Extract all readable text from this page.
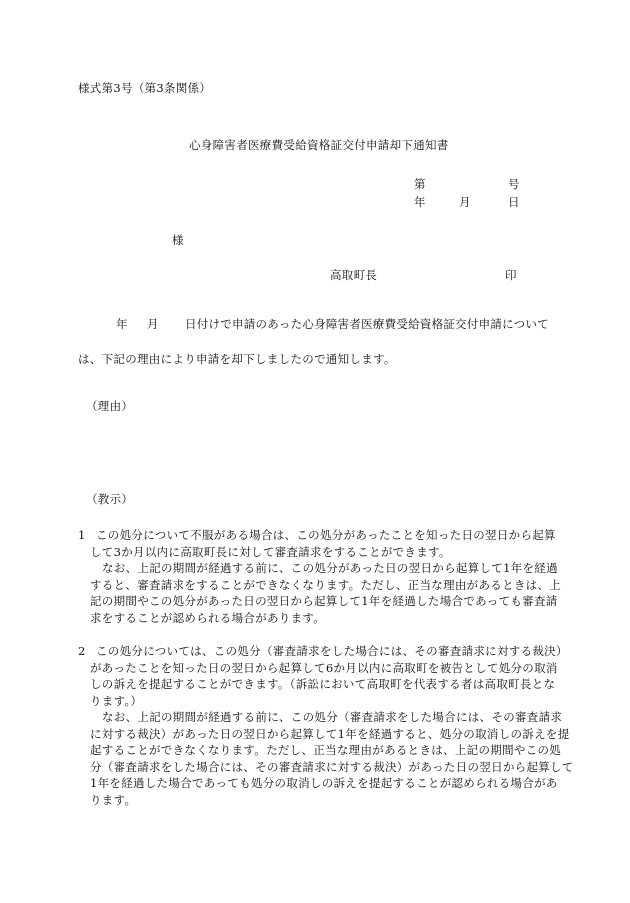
様式第3号（第3条関係）
心身障害者医療費受給資格証交付申請却下通知書
第	号
年	月	日
様
高取町長	印
年 月 日付けで申請のあった心身障害者医療費受給資格証交付申請について
は、下記の理由により申請を却下しましたので通知します。
（理由）
（教示）
1 この処分について不服がある場合は、この処分があったことを知った日の翌日から起算
して3か月以内に高取町長に対して審査請求をすることができます。
なお、上記の期間が経過する前に、この処分があった日の翌日から起算して1年を経過
すると、審査請求をすることができなくなります。ただし、正当な理由があるときは、上
記の期間やこの処分があった日の翌日から起算して1年を経過した場合であっても審査請
求をすることが認められる場合があります。
2 この処分については、この処分（審査請求をした場合には、その審査請求に対する裁決）
があったことを知った日の翌日から起算して6か月以内に高取町を被告として処分の取消
しの訴えを提起することができます。（訴訟において高取町を代表する者は高取町長とな
ります。）
なお、上記の期間が経過する前に、この処分（審査請求をした場合には、その審査請求
に対する裁決）があった日の翌日から起算して1年を経過すると、処分の取消しの訴えを提
起することができなくなります。ただし、正当な理由があるときは、上記の期間やこの処
分（審査請求をした場合には、その審査請求に対する裁決）があった日の翌日から起算して
1年を経過した場合であっても処分の取消しの訴えを提起することが認められる場合があ
ります。
